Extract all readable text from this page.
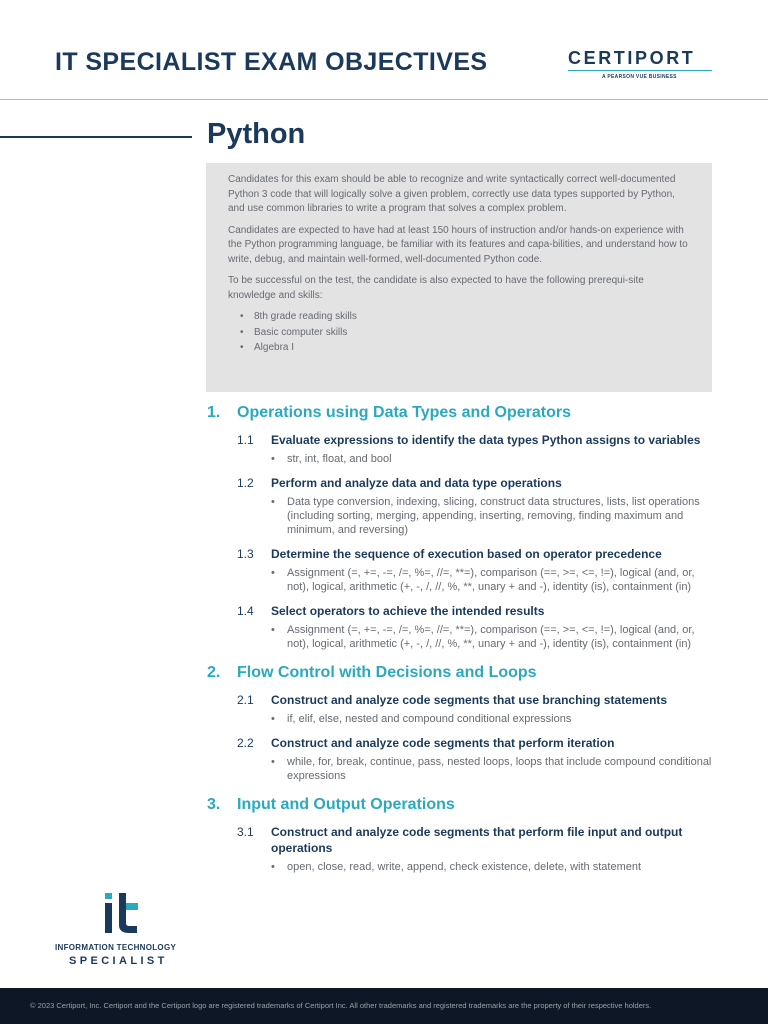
IT SPECIALIST EXAM OBJECTIVES	CERTIPORT
A PEARSON VUE BUSINESS
Python

Candidates for this exam should be able to recognize and write syntactically correct well-documented Python 3 code that will logically solve a given problem, correctly use data types supported by Python, and use common libraries to write a program that solves a complex problem.

Candidates are expected to have had at least 150 hours of instruction and/or hands-on experience with the Python programming language, be familiar with its features and capa-bilities, and understand how to write, debug, and maintain well-formed, well-documented Python code.

To be successful on the test, the candidate is also expected to have the following prerequi-site knowledge and skills:

• 8th grade reading skills
• Basic computer skills
• Algebra I
1.	Operations using Data Types and Operators
1.1	Evaluate expressions to identify the data types Python assigns to variables
• str, int, float, and bool
1.2	Perform and analyze data and data type operations
• Data type conversion, indexing, slicing, construct data structures, lists, list operations (including sorting, merging, appending, inserting, removing, finding maximum and minimum, and reversing)
1.3	Determine the sequence of execution based on operator precedence
• Assignment (=, +=, -=, /=, %=, //=, **=), comparison (==, >=, <=, !=), logical (and, or, not), logical, arithmetic (+, -, /, //, %, **, unary + and -), identity (is), containment (in)
1.4	Select operators to achieve the intended results
• Assignment (=, +=, -=, /=, %=, //=, **=), comparison (==, >=, <=, !=), logical (and, or, not), logical, arithmetic (+, -, /, //, %, **, unary + and -), identity (is), containment (in)
2.	Flow Control with Decisions and Loops
2.1	Construct and analyze code segments that use branching statements
• if, elif, else, nested and compound conditional expressions
2.2	Construct and analyze code segments that perform iteration
• while, for, break, continue, pass, nested loops, loops that include compound conditional expressions
3.	Input and Output Operations
3.1	Construct and analyze code segments that perform file input and output operations
• open, close, read, write, append, check existence, delete, with statement
INFORMATION TECHNOLOGY
SPECIALIST
© 2023 Certiport, Inc. Certiport and the Certiport logo are registered trademarks of Certiport Inc. All other trademarks and registered trademarks are the property of their respective holders.
